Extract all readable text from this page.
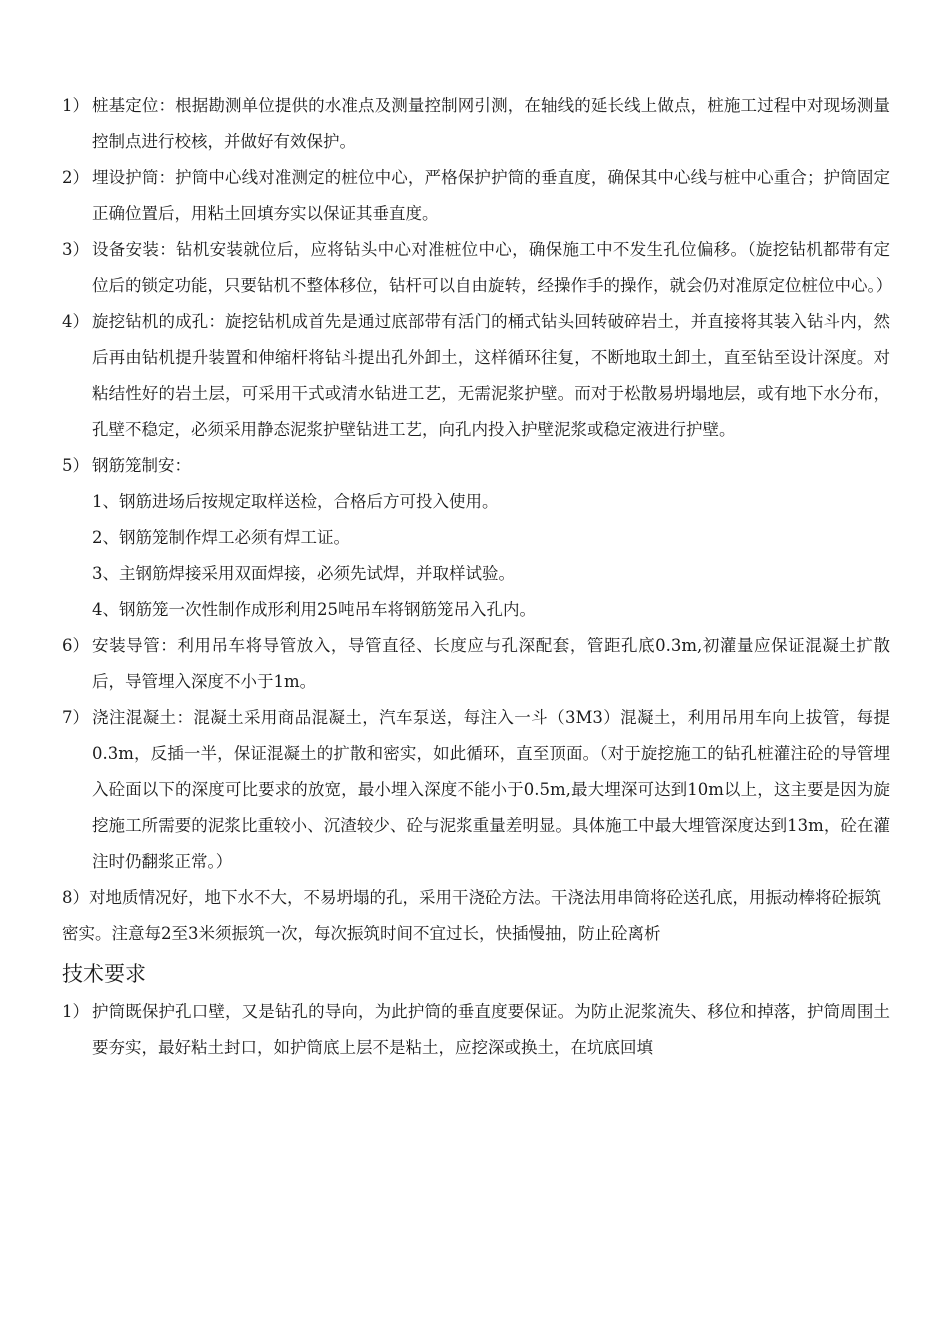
1） 桩基定位：根据勘测单位提供的水准点及测量控制网引测，在轴线的延长线上做点，桩施工过程中对现场测量控制点进行校核，并做好有效保护。
2） 埋设护筒：护筒中心线对准测定的桩位中心，严格保护护筒的垂直度，确保其中心线与桩中心重合；护筒固定正确位置后，用粘土回填夯实以保证其垂直度。
3） 设备安装：钻机安装就位后，应将钻头中心对准桩位中心，确保施工中不发生孔位偏移。（旋挖钻机都带有定位后的锁定功能，只要钻机不整体移位，钻杆可以自由旋转，经操作手的操作，就会仍对准原定位桩位中心。）
4） 旋挖钻机的成孔：旋挖钻机成首先是通过底部带有活门的桶式钻头回转破碎岩土，并直接将其装入钻斗内，然后再由钻机提升装置和伸缩杆将钻斗提出孔外卸土，这样循环往复，不断地取土卸土，直至钻至设计深度。对粘结性好的岩土层，可采用干式或清水钻进工艺，无需泥浆护壁。而对于松散易坍塌地层，或有地下水分布，孔壁不稳定，必须采用静态泥浆护壁钻进工艺，向孔内投入护壁泥浆或稳定液进行护壁。
5） 钢筋笼制安：
1、钢筋进场后按规定取样送检，合格后方可投入使用。
2、钢筋笼制作焊工必须有焊工证。
3、主钢筋焊接采用双面焊接，必须先试焊，并取样试验。
4、钢筋笼一次性制作成形利用25吨吊车将钢筋笼吊入孔内。
6） 安装导管：利用吊车将导管放入，导管直径、长度应与孔深配套，管距孔底0.3m,初灌量应保证混凝土扩散后，导管埋入深度不小于1m。
7） 浇注混凝土：混凝土采用商品混凝土，汽车泵送，每注入一斗（3M3）混凝土，利用吊用车向上拔管，每提0.3m，反插一半，保证混凝土的扩散和密实，如此循环，直至顶面。（对于旋挖施工的钻孔桩灌注砼的导管埋入砼面以下的深度可比要求的放宽，最小埋入深度不能小于0.5m,最大埋深可达到10m以上，这主要是因为旋挖施工所需要的泥浆比重较小、沉渣较少、砼与泥浆重量差明显。具体施工中最大埋管深度达到13m，砼在灌注时仍翻浆正常。）
8）对地质情况好，地下水不大，不易坍塌的孔，采用干浇砼方法。干浇法用串筒将砼送孔底，用振动棒将砼振筑密实。注意每2至3米须振筑一次，每次振筑时间不宜过长，快插慢抽，防止砼离析
技术要求
1） 护筒既保护孔口壁，又是钻孔的导向，为此护筒的垂直度要保证。为防止泥浆流失、移位和掉落，护筒周围土要夯实，最好粘土封口，如护筒底上层不是粘土，应挖深或换土，在坑底回填
